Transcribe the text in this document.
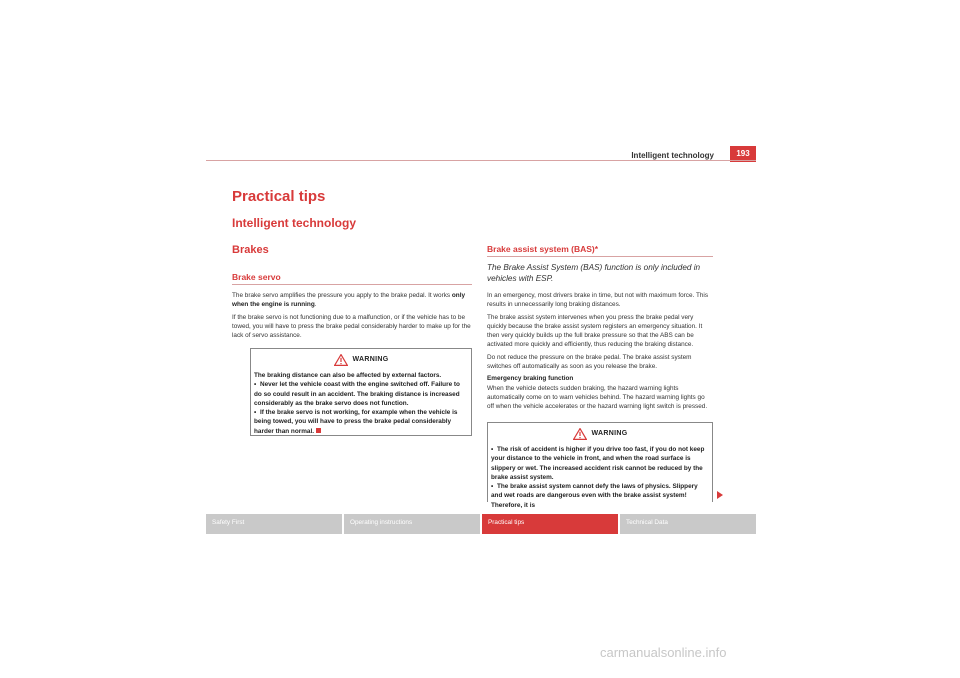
Intelligent technology	193
Practical tips
Intelligent technology
Brakes
Brake servo

The brake servo amplifies the pressure you apply to the brake pedal. It works only when the engine is running.

If the brake servo is not functioning due to a malfunction, or if the vehicle has to be towed, you will have to press the brake pedal considerably harder to make up for the lack of servo assistance.

WARNING

The braking distance can also be affected by external factors.

• Never let the vehicle coast with the engine switched off. Failure to do so could result in an accident. The braking distance is increased considerably as the brake servo does not function.

• If the brake servo is not working, for example when the vehicle is being towed, you will have to press the brake pedal considerably harder than normal.

Brake assist system (BAS)*
The Brake Assist System (BAS) function is only included in vehicles with ESP.

In an emergency, most drivers brake in time, but not with maximum force. This results in unnecessarily long braking distances.

The brake assist system intervenes when you press the brake pedal very quickly because the brake assist system registers an emergency situation. It then very quickly builds up the full brake pressure so that the ABS can be activated more quickly and efficiently, thus reducing the braking distance.

Do not reduce the pressure on the brake pedal. The brake assist system switches off automatically as soon as you release the brake.

Emergency braking function

When the vehicle detects sudden braking, the hazard warning lights automatically come on to warn vehicles behind. The hazard warning lights go off when the vehicle accelerates or the hazard warning light switch is pressed.

WARNING

• The risk of accident is higher if you drive too fast, if you do not keep your distance to the vehicle in front, and when the road surface is slippery or wet. The increased accident risk cannot be reduced by the brake assist system.

• The brake assist system cannot defy the laws of physics. Slippery and wet roads are dangerous even with the brake assist system! Therefore, it is

Safety First	Operating instructions	Practical tips	Technical Data
carmanualsonline.info
